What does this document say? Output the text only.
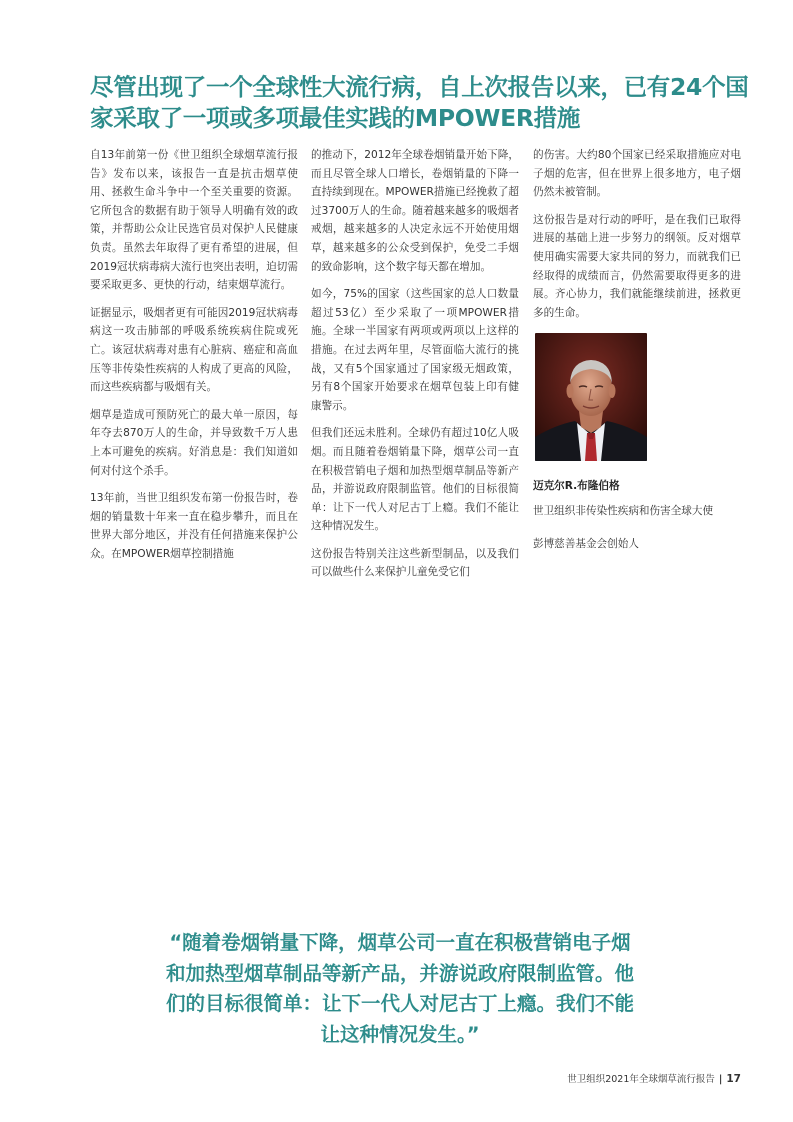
尽管出现了一个全球性大流行病，自上次报告以来，已有24个国家采取了一项或多项最佳实践的MPOWER措施

自13年前第一份《世卫组织全球烟草流行报告》发布以来，该报告一直是抗击烟草使用、拯救生命斗争中一个至关重要的资源。它所包含的数据有助于领导人明确有效的政策，并帮助公众让民选官员对保护人民健康负责。虽然去年取得了更有希望的进展，但2019冠状病毒病大流行也突出表明，迫切需要采取更多、更快的行动，结束烟草流行。

证据显示，吸烟者更有可能因2019冠状病毒病这一攻击肺部的呼吸系统疾病住院或死亡。该冠状病毒对患有心脏病、癌症和高血压等非传染性疾病的人构成了更高的风险，而这些疾病都与吸烟有关。

烟草是造成可预防死亡的最大单一原因，每年夺去870万人的生命，并导致数千万人患上本可避免的疾病。好消息是：我们知道如何对付这个杀手。

13年前，当世卫组织发布第一份报告时，卷烟的销量数十年来一直在稳步攀升，而且在世界大部分地区，并没有任何措施来保护公众。在MPOWER烟草控制措施

的推动下，2012年全球卷烟销量开始下降，而且尽管全球人口增长，卷烟销量的下降一直持续到现在。MPOWER措施已经挽救了超过3700万人的生命。随着越来越多的吸烟者戒烟，越来越多的人决定永远不开始使用烟草，越来越多的公众受到保护，免受二手烟的致命影响，这个数字每天都在增加。

如今，75%的国家（这些国家的总人口数量超过53亿）至少采取了一项MPOWER措施。全球一半国家有两项或两项以上这样的措施。在过去两年里，尽管面临大流行的挑战，又有5个国家通过了国家级无烟政策，另有8个国家开始要求在烟草包装上印有健康警示。

但我们还远未胜利。全球仍有超过10亿人吸烟。而且随着卷烟销量下降，烟草公司一直在积极营销电子烟和加热型烟草制品等新产品，并游说政府限制监管。他们的目标很简单：让下一代人对尼古丁上瘾。我们不能让这种情况发生。

这份报告特别关注这些新型制品，以及我们可以做些什么来保护儿童免受它们

的伤害。大约80个国家已经采取措施应对电子烟的危害，但在世界上很多地方，电子烟仍然未被管制。

这份报告是对行动的呼吁，是在我们已取得进展的基础上进一步努力的纲领。反对烟草使用确实需要大家共同的努力，而就我们已经取得的成绩而言，仍然需要取得更多的进展。齐心协力，我们就能继续前进，拯救更多的生命。

迈克尔R.布隆伯格

世卫组织非传染性疾病和伤害全球大使

彭博慈善基金会创始人

“随着卷烟销量下降，烟草公司一直在积极营销电子烟和加热型烟草制品等新产品，并游说政府限制监管。他们的目标很简单：让下一代人对尼古丁上瘾。我们不能让这种情况发生。”

世卫组织2021年全球烟草流行报告 | 17
